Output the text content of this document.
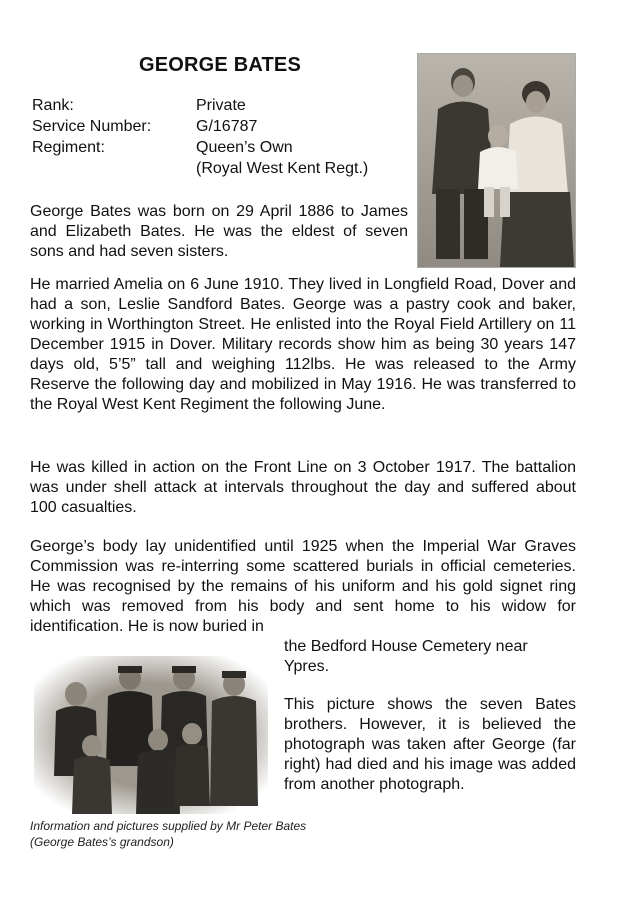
GEORGE BATES
Rank:	Private
Service Number:	G/16787
Regiment:	Queen’s Own
(Royal West Kent Regt.)
George Bates was born on 29 April 1886 to James and Elizabeth Bates. He was the eldest of seven sons and had seven sisters.
He married Amelia on 6 June 1910. They lived in Longfield Road, Dover and had a son, Leslie Sandford Bates. George was a pastry cook and baker, working in Worthington Street. He enlisted into the Royal Field Artillery on 11 December 1915 in Dover. Military records show him as being 30 years 147 days old, 5’5” tall and weighing 112lbs. He was released to the Army Reserve the following day and mobilized in May 1916. He was transferred to the Royal West Kent Regiment the following June.
He was killed in action on the Front Line on 3 October 1917. The battalion was under shell attack at intervals throughout the day and suffered about 100 casualties.
George’s body lay unidentified until 1925 when the Imperial War Graves Commission was re-interring some scattered burials in official cemeteries. He was recognised by the remains of his uniform and his gold signet ring which was removed from his body and sent home to his widow for identification. He is now buried in
the Bedford House Cemetery near Ypres.
This picture shows the seven Bates brothers. However, it is believed the photograph was taken after George (far right) had died and his image was added from another photograph.
Information and pictures supplied by Mr Peter Bates
(George Bates’s grandson)
